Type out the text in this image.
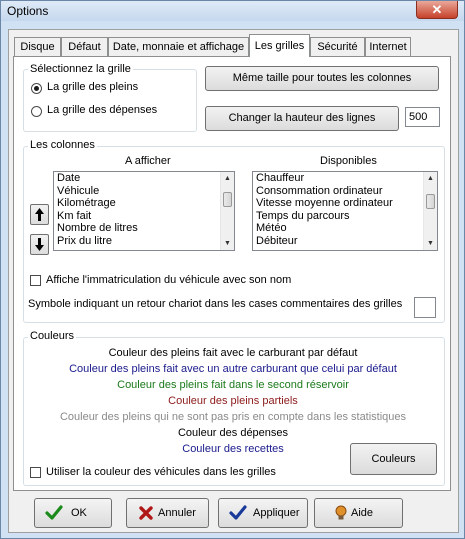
Options	✕
Disque	Défaut	Date, monnaie et affichage Les grilles	Sécurité	Internet
Sélectionnez la grille
La grille des pleins
La grille des dépenses
Même taille pour toutes les colonnes
Changer la hauteur des lignes	500
Les colonnes
A afficher	Disponibles
Date
Véhicule
Kilométrage
Km fait
Nombre de litres
Prix du litre
▲
▼
Chauffeur
Consommation ordinateur
Vitesse moyenne ordinateur
Temps du parcours
Météo
Débiteur
▲
▼
Affiche l'immatriculation du véhicule avec son nom
Symbole indiquant un retour chariot dans les cases commentaires des grilles
Couleurs
Couleur des pleins fait avec le carburant par défaut
Couleur des pleins fait avec un autre carburant que celui par défaut
Couleur des pleins fait dans le second réservoir
Couleur des pleins partiels
Couleur des pleins qui ne sont pas pris en compte dans les statistiques
Couleur des dépenses
Couleur des recettes
Couleurs
Utiliser la couleur des véhicules dans les grilles
OK	Annuler	Appliquer	Aide
